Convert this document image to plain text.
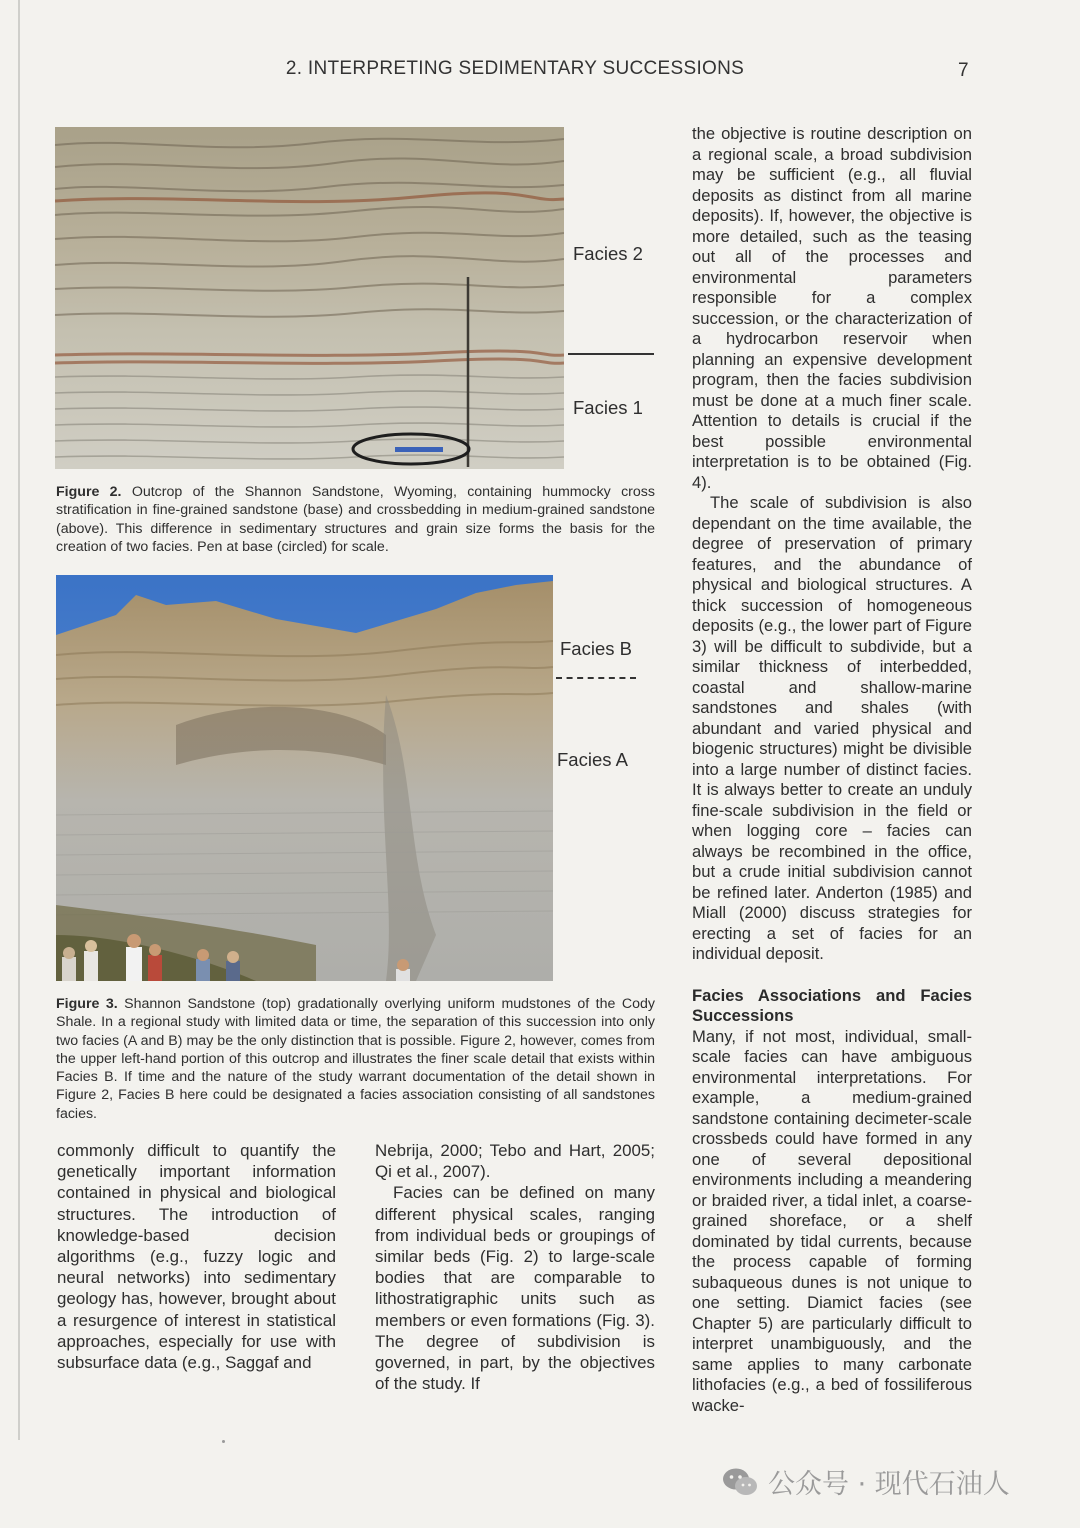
2. INTERPRETING SEDIMENTARY SUCCESSIONS	7
Facies 2
Facies 1
Figure 2. Outcrop of the Shannon Sandstone, Wyoming, containing hummocky cross stratification in fine-grained sandstone (base) and crossbedding in medium-grained sandstone (above). This difference in sedimentary structures and grain size forms the basis for the creation of two facies. Pen at base (circled) for scale.
Facies B
Facies A
Figure 3. Shannon Sandstone (top) gradationally overlying uniform mudstones of the Cody Shale. In a regional study with limited data or time, the separation of this succession into only two facies (A and B) may be the only distinction that is possible. Figure 2, however, comes from the upper left-hand portion of this outcrop and illustrates the finer scale detail that exists within Facies B. If time and the nature of the study warrant documentation of the detail shown in Figure 2, Facies B here could be designated a facies association consisting of all sandstones facies.

commonly difficult to quantify the genetically important information contained in physical and biological structures. The introduction of knowledge-based decision algorithms (e.g., fuzzy logic and neural networks) into sedimentary geology has, however, brought about a resurgence of interest in statistical approaches, especially for use with subsurface data (e.g., Saggaf and

Nebrija, 2000; Tebo and Hart, 2005; Qi et al., 2007).

Facies can be defined on many different physical scales, ranging from individual beds or groupings of similar beds (Fig. 2) to large-scale bodies that are comparable to lithostratigraphic units such as members or even formations (Fig. 3). The degree of subdivision is governed, in part, by the objectives of the study. If

the objective is routine description on a regional scale, a broad subdivision may be sufficient (e.g., all fluvial deposits as distinct from all marine deposits). If, however, the objective is more detailed, such as the teasing out all of the processes and environmental parameters responsible for a complex succession, or the characterization of a hydrocarbon reservoir when planning an expensive development program, then the facies subdivision must be done at a much finer scale. Attention to details is crucial if the best possible environmental interpretation is to be obtained (Fig. 4).

The scale of subdivision is also dependant on the time available, the degree of preservation of primary features, and the abundance of physical and biological structures. A thick succession of homogeneous deposits (e.g., the lower part of Figure 3) will be difficult to subdivide, but a similar thickness of interbedded, coastal and shallow-marine sandstones and shales (with abundant and varied physical and biogenic structures) might be divisible into a large number of distinct facies. It is always better to create an unduly fine-scale subdivision in the field or when logging core – facies can always be recombined in the office, but a crude initial subdivision cannot be refined later. Anderton (1985) and Miall (2000) discuss strategies for erecting a set of facies for an individual deposit.

Facies Associations and Facies Successions

Many, if not most, individual, small-scale facies can have ambiguous environmental interpretations. For example, a medium-grained sandstone containing decimeter-scale crossbeds could have formed in any one of several depositional environments including a meandering or braided river, a tidal inlet, a coarse-grained shoreface, or a shelf dominated by tidal currents, because the process capable of forming subaqueous dunes is not unique to one setting. Diamict facies (see Chapter 5) are particularly difficult to interpret unambiguously, and the same applies to many carbonate lithofacies (e.g., a bed of fossiliferous wacke-

公众号 · 现代石油人
